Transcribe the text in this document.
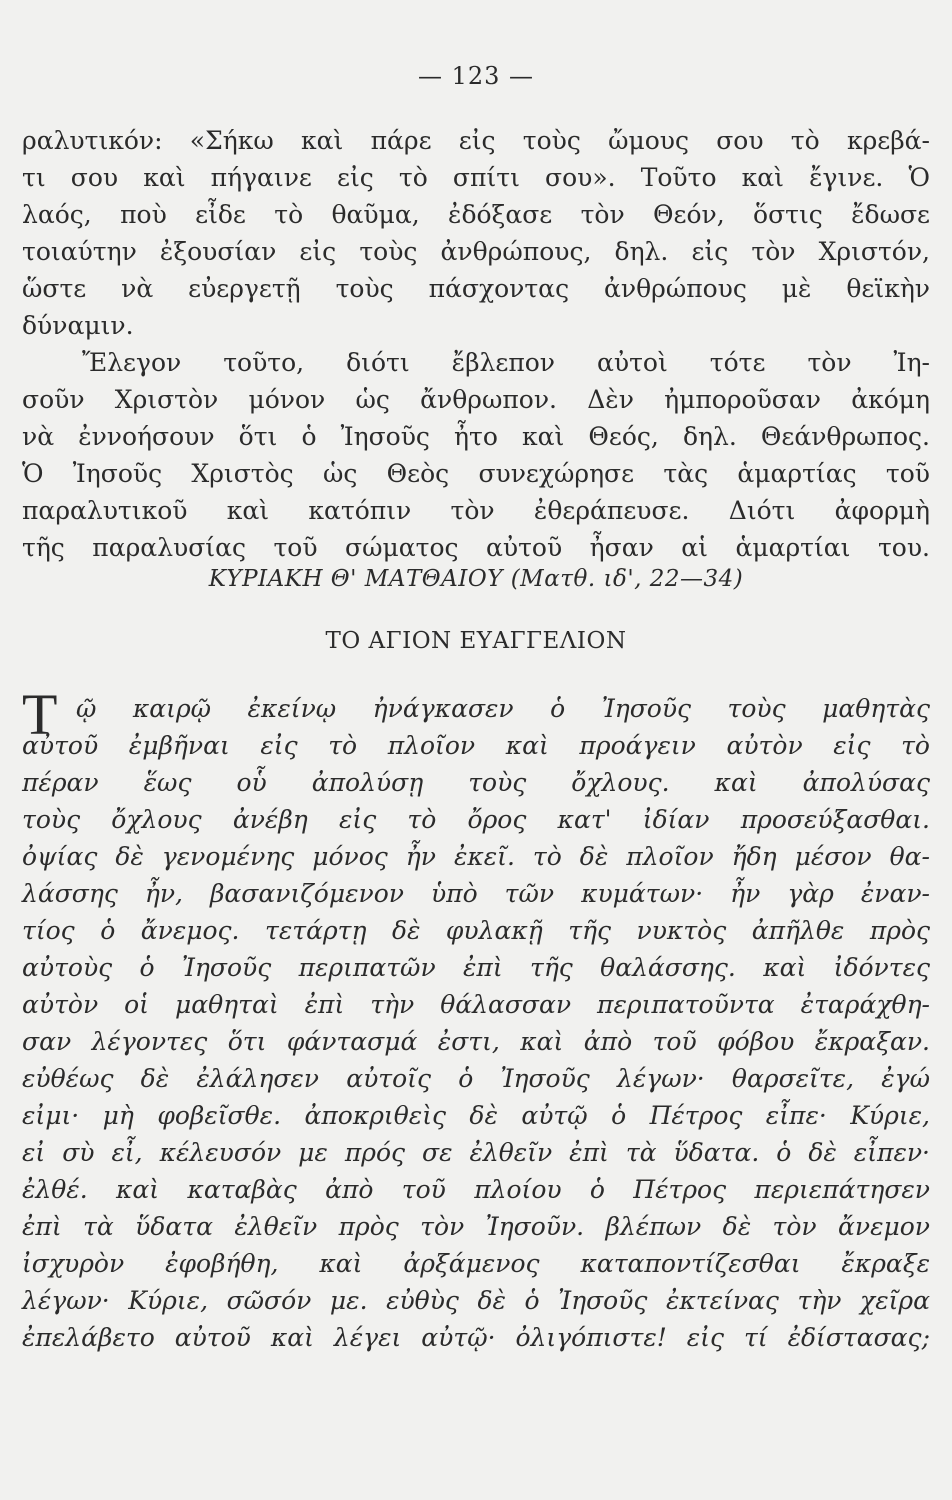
— 123 —
ραλυτικόν: «Σήκω καὶ πάρε εἰς τοὺς ὤμους σου τὸ κρεβά-
τι σου καὶ πήγαινε εἰς τὸ σπίτι σου». Τοῦτο καὶ ἔγινε. Ὁ
λαός, ποὺ εἶδε τὸ θαῦμα, ἐδόξασε τὸν Θεόν, ὅστις ἔδωσε
τοιαύτην ἐξουσίαν εἰς τοὺς ἀνθρώπους, δηλ. εἰς τὸν Χριστόν,
ὥστε νὰ εὐεργετῇ τοὺς πάσχοντας ἀνθρώπους μὲ θεϊκὴν
δύναμιν.
Ἔλεγον τοῦτο, διότι ἔβλεπον αὐτοὶ τότε τὸν Ἰη-
σοῦν Χριστὸν μόνον ὡς ἄνθρωπον. Δὲν ἠμποροῦσαν ἀκόμη
νὰ ἐννοήσουν ὅτι ὁ Ἰησοῦς ἦτο καὶ Θεός, δηλ. Θεάνθρωπος.
Ὁ Ἰησοῦς Χριστὸς ὡς Θεὸς συνεχώρησε τὰς ἁμαρτίας τοῦ
παραλυτικοῦ καὶ κατόπιν τὸν ἐθεράπευσε. Διότι ἀφορμὴ
τῆς παραλυσίας τοῦ σώματος αὐτοῦ ἦσαν αἱ ἁμαρτίαι του.
ΚΥΡΙΑΚΗ Θ' ΜΑΤΘΑΙΟΥ (Ματθ. ιδ', 22—34)
ΤΟ ΑΓΙΟΝ ΕΥΑΓΓΕΛΙΟΝ
Τ ῷ καιρῷ ἐκείνῳ ἠνάγκασεν ὁ Ἰησοῦς τοὺς μαθητὰς
αὐτοῦ ἐμβῆναι εἰς τὸ πλοῖον καὶ προάγειν αὐτὸν εἰς τὸ
πέραν ἕως οὗ ἀπολύσῃ τοὺς ὄχλους. καὶ ἀπολύσας
τοὺς ὄχλους ἀνέβη εἰς τὸ ὄρος κατ' ἰδίαν προσεύξασθαι.
ὀψίας δὲ γενομένης μόνος ἦν ἐκεῖ. τὸ δὲ πλοῖον ἤδη μέσον θα-
λάσσης ἦν, βασανιζόμενον ὑπὸ τῶν κυμάτων· ἦν γὰρ ἐναν-
τίος ὁ ἄνεμος. τετάρτῃ δὲ φυλακῇ τῆς νυκτὸς ἀπῆλθε πρὸς
αὐτοὺς ὁ Ἰησοῦς περιπατῶν ἐπὶ τῆς θαλάσσης. καὶ ἰδόντες
αὐτὸν οἱ μαθηταὶ ἐπὶ τὴν θάλασσαν περιπατοῦντα ἐταράχθη-
σαν λέγοντες ὅτι φάντασμά ἐστι, καὶ ἀπὸ τοῦ φόβου ἔκραξαν.
εὐθέως δὲ ἐλάλησεν αὐτοῖς ὁ Ἰησοῦς λέγων· θαρσεῖτε, ἐγώ
εἰμι· μὴ φοβεῖσθε. ἀποκριθεὶς δὲ αὐτῷ ὁ Πέτρος εἶπε· Κύριε,
εἰ σὺ εἶ, κέλευσόν με πρός σε ἐλθεῖν ἐπὶ τὰ ὕδατα. ὁ δὲ εἶπεν·
ἐλθέ. καὶ καταβὰς ἀπὸ τοῦ πλοίου ὁ Πέτρος περιεπάτησεν
ἐπὶ τὰ ὕδατα ἐλθεῖν πρὸς τὸν Ἰησοῦν. βλέπων δὲ τὸν ἄνεμον
ἰσχυρὸν ἐφοβήθη, καὶ ἀρξάμενος καταποντίζεσθαι ἔκραξε
λέγων· Κύριε, σῶσόν με. εὐθὺς δὲ ὁ Ἰησοῦς ἐκτείνας τὴν χεῖρα
ἐπελάβετο αὐτοῦ καὶ λέγει αὐτῷ· ὀλιγόπιστε! εἰς τί ἐδίστασας;
